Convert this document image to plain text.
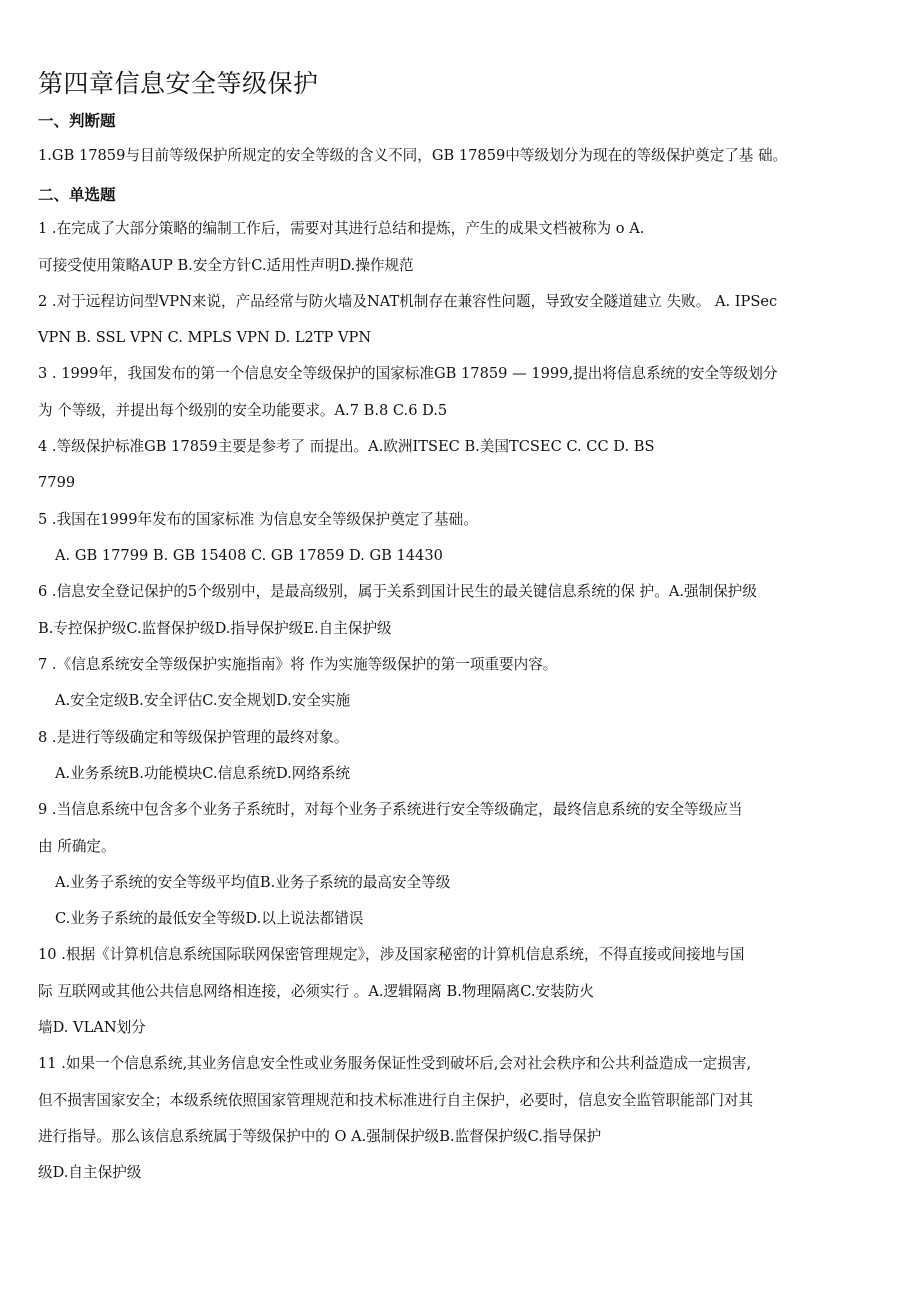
第四章信息安全等级保护
一、判断题
1.GB 17859与目前等级保护所规定的安全等级的含义不同，GB 17859中等级划分为现在的等级保护奠定了基 础。
二、单选题
1 .在完成了大部分策略的编制工作后，需要对其进行总结和提炼，产生的成果文档被称为 o A.
可接受使用策略AUP B.安全方针C.适用性声明D.操作规范
2 .对于远程访问型VPN来说，产品经常与防火墙及NAT机制存在兼容性问题，导致安全隧道建立 失败。 A. IPSec
VPN B. SSL VPN C. MPLS VPN D. L2TP VPN
3 . 1999年，我国发布的第一个信息安全等级保护的国家标准GB 17859 — 1999,提出将信息系统的安全等级划分
为 个等级，并提出每个级别的安全功能要求。A.7 B.8 C.6 D.5
4 .等级保护标准GB 17859主要是参考了 而提出。A.欧洲ITSEC B.美国TCSEC C. CC D. BS
7799
5 .我国在1999年发布的国家标准 为信息安全等级保护奠定了基础。
A. GB 17799 B. GB 15408 C. GB 17859 D. GB 14430
6 .信息安全登记保护的5个级别中，是最高级别，属于关系到国计民生的最关键信息系统的保 护。A.强制保护级
B.专控保护级C.监督保护级D.指导保护级E.自主保护级
7 .《信息系统安全等级保护实施指南》将 作为实施等级保护的第一项重要内容。
A.安全定级B.安全评估C.安全规划D.安全实施
8 .是进行等级确定和等级保护管理的最终对象。
A.业务系统B.功能模块C.信息系统D.网络系统
9 .当信息系统中包含多个业务子系统时，对每个业务子系统进行安全等级确定，最终信息系统的安全等级应当
由 所确定。
A.业务子系统的安全等级平均值B.业务子系统的最高安全等级
C.业务子系统的最低安全等级D.以上说法都错误
10 .根据《计算机信息系统国际联网保密管理规定》，涉及国家秘密的计算机信息系统，不得直接或间接地与国
际 互联网或其他公共信息网络相连接，必须实行 。A.逻辑隔离 B.物理隔离C.安装防火
墙D. VLAN划分
11 .如果一个信息系统,其业务信息安全性或业务服务保证性受到破坏后,会对社会秩序和公共利益造成一定损害,
但不损害国家安全；本级系统依照国家管理规范和技术标准进行自主保护，必要时，信息安全监管职能部门对其
进行指导。那么该信息系统属于等级保护中的 O A.强制保护级B.监督保护级C.指导保护
级D.自主保护级
